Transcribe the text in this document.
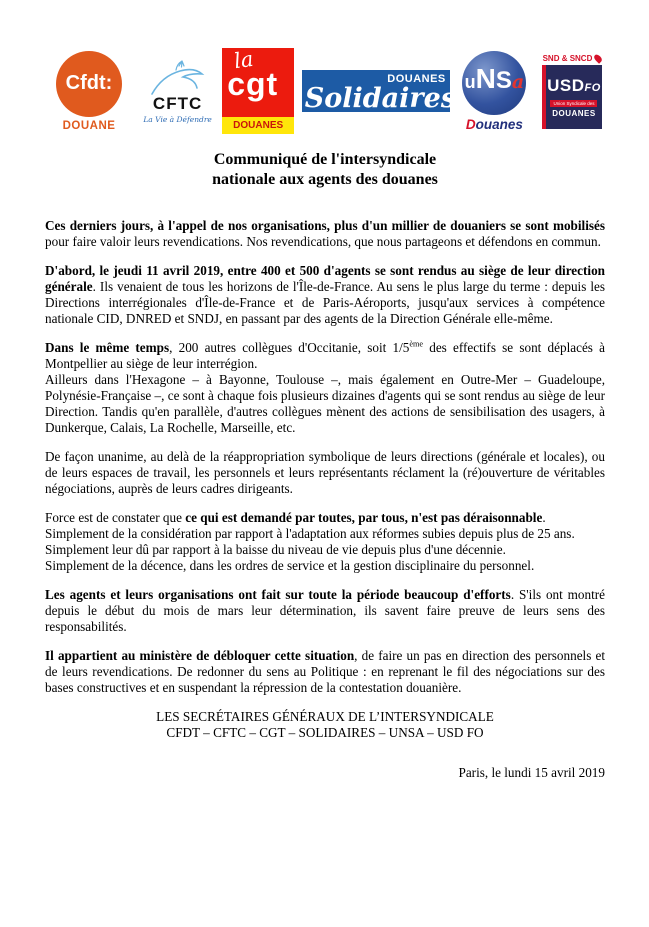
Cfdt:
DOUANE
CFTC
La Vie à Défendre
la
cgt
DOUANES
DOUANES
Solidaires
u N S a
Douanes
SND & SNCD
USDFO
Union Syndicale des
DOUANES
Communiqué de l'intersyndicale
nationale aux agents des douanes
Ces derniers jours, à l'appel de nos organisations, plus d'un millier de douaniers se sont mobilisés pour faire valoir leurs revendications. Nos revendications, que nous partageons et défendons en commun.
D'abord, le jeudi 11 avril 2019, entre 400 et 500 d'agents se sont rendus au siège de leur direction générale. Ils venaient de tous les horizons de l'Île-de-France. Au sens le plus large du terme : depuis les Directions interrégionales d'Île-de-France et de Paris-Aéroports, jusqu'aux services à compétence nationale CID, DNRED et SNDJ, en passant par des agents de la Direction Générale elle-même.
Dans le même temps, 200 autres collègues d'Occitanie, soit 1/5ème des effectifs se sont déplacés à Montpellier au siège de leur interrégion.
Ailleurs dans l'Hexagone – à Bayonne, Toulouse –, mais également en Outre-Mer – Guadeloupe, Polynésie-Française –, ce sont à chaque fois plusieurs dizaines d'agents qui se sont rendus au siège de leur Direction. Tandis qu'en parallèle, d'autres collègues mènent des actions de sensibilisation des usagers, à Dunkerque, Calais, La Rochelle, Marseille, etc.
De façon unanime, au delà de la réappropriation symbolique de leurs directions (générale et locales), ou de leurs espaces de travail, les personnels et leurs représentants réclament la (ré)ouverture de véritables négociations, auprès de leurs cadres dirigeants.
Force est de constater que ce qui est demandé par toutes, par tous, n'est pas déraisonnable.
Simplement de la considération par rapport à l'adaptation aux réformes subies depuis plus de 25 ans.
Simplement leur dû par rapport à la baisse du niveau de vie depuis plus d'une décennie.
Simplement de la décence, dans les ordres de service et la gestion disciplinaire du personnel.
Les agents et leurs organisations ont fait sur toute la période beaucoup d'efforts. S'ils ont montré depuis le début du mois de mars leur détermination, ils savent faire preuve de leurs sens des responsabilités.
Il appartient au ministère de débloquer cette situation, de faire un pas en direction des personnels et de leurs revendications. De redonner du sens au Politique : en reprenant le fil des négociations sur des bases constructives et en suspendant la répression de la contestation douanière.
LES SECRÉTAIRES GÉNÉRAUX DE L’INTERSYNDICALE
CFDT – CFTC – CGT – SOLIDAIRES – UNSA – USD FO
Paris, le lundi 15 avril 2019
